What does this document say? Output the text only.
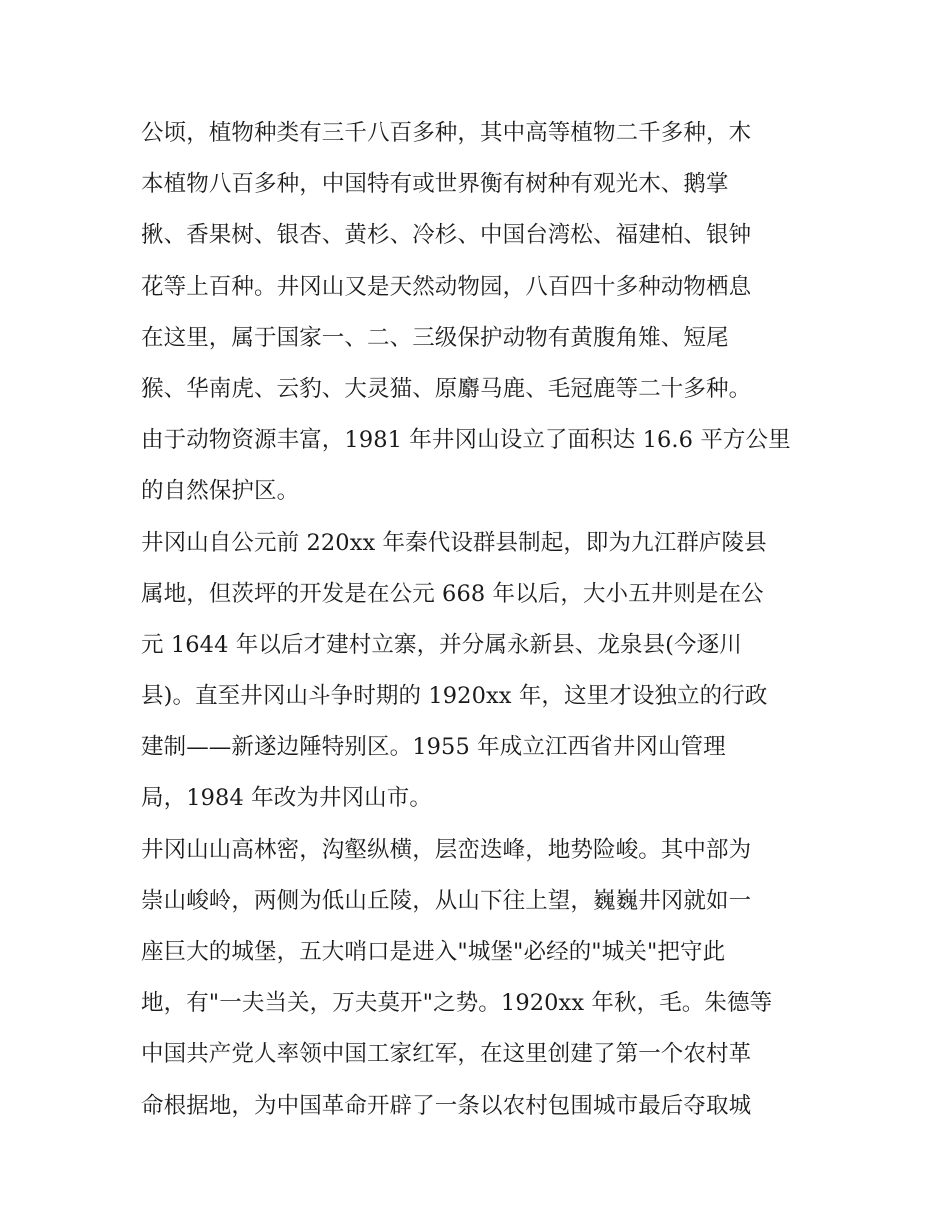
公顷，植物种类有三千八百多种，其中高等植物二千多种，木
本植物八百多种，中国特有或世界衡有树种有观光木、鹅掌
揪、香果树、银杏、黄杉、冷杉、中国台湾松、福建柏、银钟
花等上百种。井冈山又是天然动物园，八百四十多种动物栖息
在这里，属于国家一、二、三级保护动物有黄腹角雉、短尾
猴、华南虎、云豹、大灵猫、原麝马鹿、毛冠鹿等二十多种。
由于动物资源丰富，1981 年井冈山设立了面积达 16.6 平方公里
的自然保护区。
井冈山自公元前 220xx 年秦代设群县制起，即为九江群庐陵县
属地，但茨坪的开发是在公元 668 年以后，大小五井则是在公
元 1644 年以后才建村立寨，并分属永新县、龙泉县(今逐川
县)。直至井冈山斗争时期的 1920xx 年，这里才设独立的行政
建制——新遂边陲特别区。1955 年成立江西省井冈山管理
局，1984 年改为井冈山市。
井冈山山高林密，沟壑纵横，层峦迭峰，地势险峻。其中部为
崇山峻岭，两侧为低山丘陵，从山下往上望，巍巍井冈就如一
座巨大的城堡，五大哨口是进入"城堡"必经的"城关"把守此
地，有"一夫当关，万夫莫开"之势。1920xx 年秋，毛。朱德等
中国共产党人率领中国工家红军，在这里创建了第一个农村革
命根据地，为中国革命开辟了一条以农村包围城市最后夺取城
